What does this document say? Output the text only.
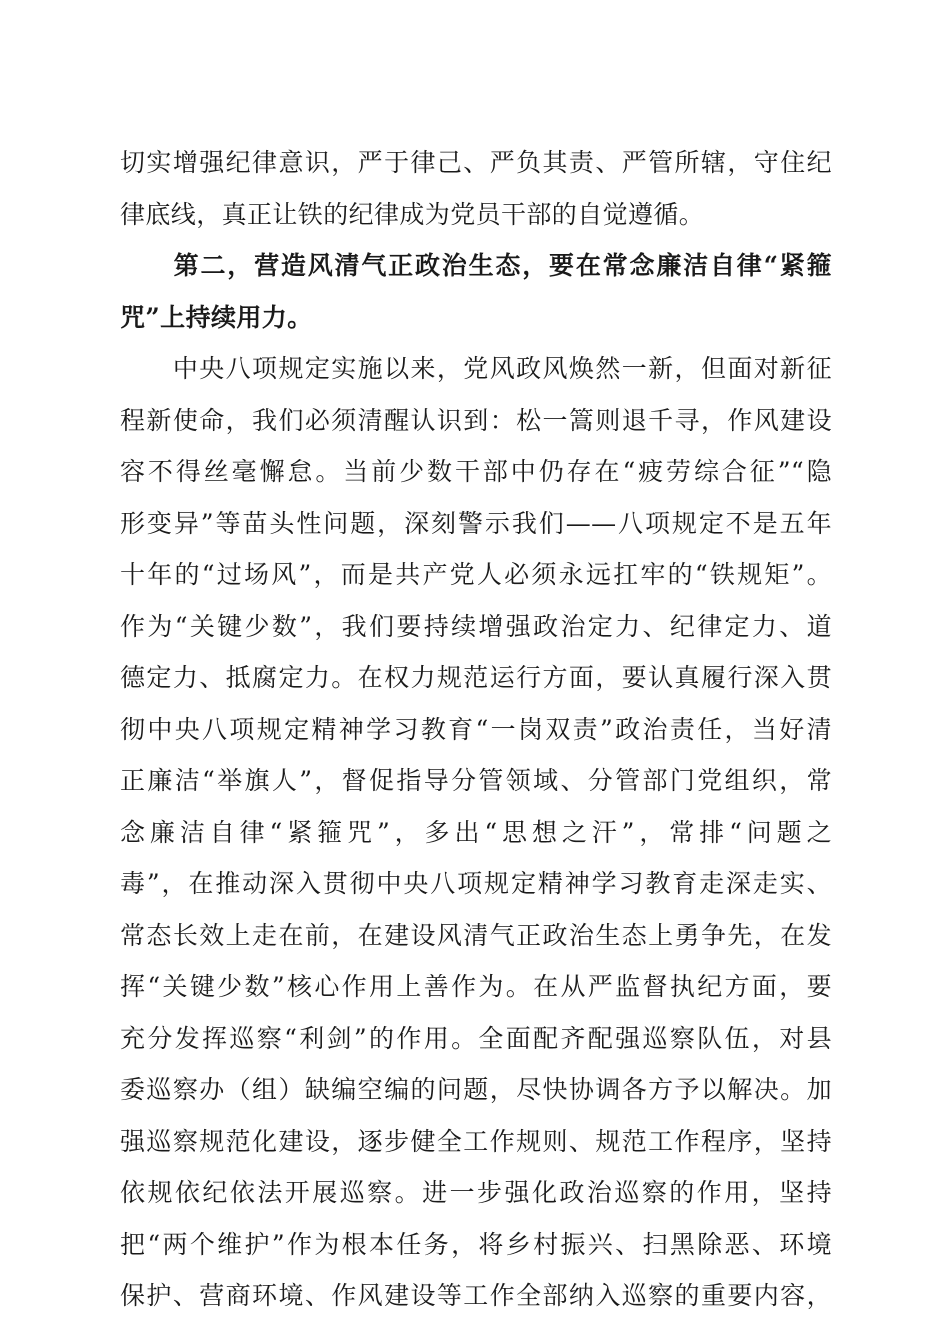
切实增强纪律意识，严于律己、严负其责、严管所辖，守住纪
律底线，真正让铁的纪律成为党员干部的自觉遵循。
　　第二，营造风清气正政治生态，要在常念廉洁自律“紧箍
咒”上持续用力。
　　中央八项规定实施以来，党风政风焕然一新，但面对新征
程新使命，我们必须清醒认识到：松一篙则退千寻，作风建设
容不得丝毫懈怠。当前少数干部中仍存在“疲劳综合征”“隐
形变异”等苗头性问题，深刻警示我们——八项规定不是五年
十年的“过场风”，而是共产党人必须永远扛牢的“铁规矩”。
作为“关键少数”，我们要持续增强政治定力、纪律定力、道
德定力、抵腐定力。在权力规范运行方面，要认真履行深入贯
彻中央八项规定精神学习教育“一岗双责”政治责任，当好清
正廉洁“举旗人”，督促指导分管领域、分管部门党组织，常
念廉洁自律“紧箍咒”，多出“思想之汗”，常排“问题之
毒”，在推动深入贯彻中央八项规定精神学习教育走深走实、
常态长效上走在前，在建设风清气正政治生态上勇争先，在发
挥“关键少数”核心作用上善作为。在从严监督执纪方面，要
充分发挥巡察“利剑”的作用。全面配齐配强巡察队伍，对县
委巡察办（组）缺编空编的问题，尽快协调各方予以解决。加
强巡察规范化建设，逐步健全工作规则、规范工作程序，坚持
依规依纪依法开展巡察。进一步强化政治巡察的作用，坚持
把“两个维护”作为根本任务，将乡村振兴、扫黑除恶、环境
保护、营商环境、作风建设等工作全部纳入巡察的重要内容，
